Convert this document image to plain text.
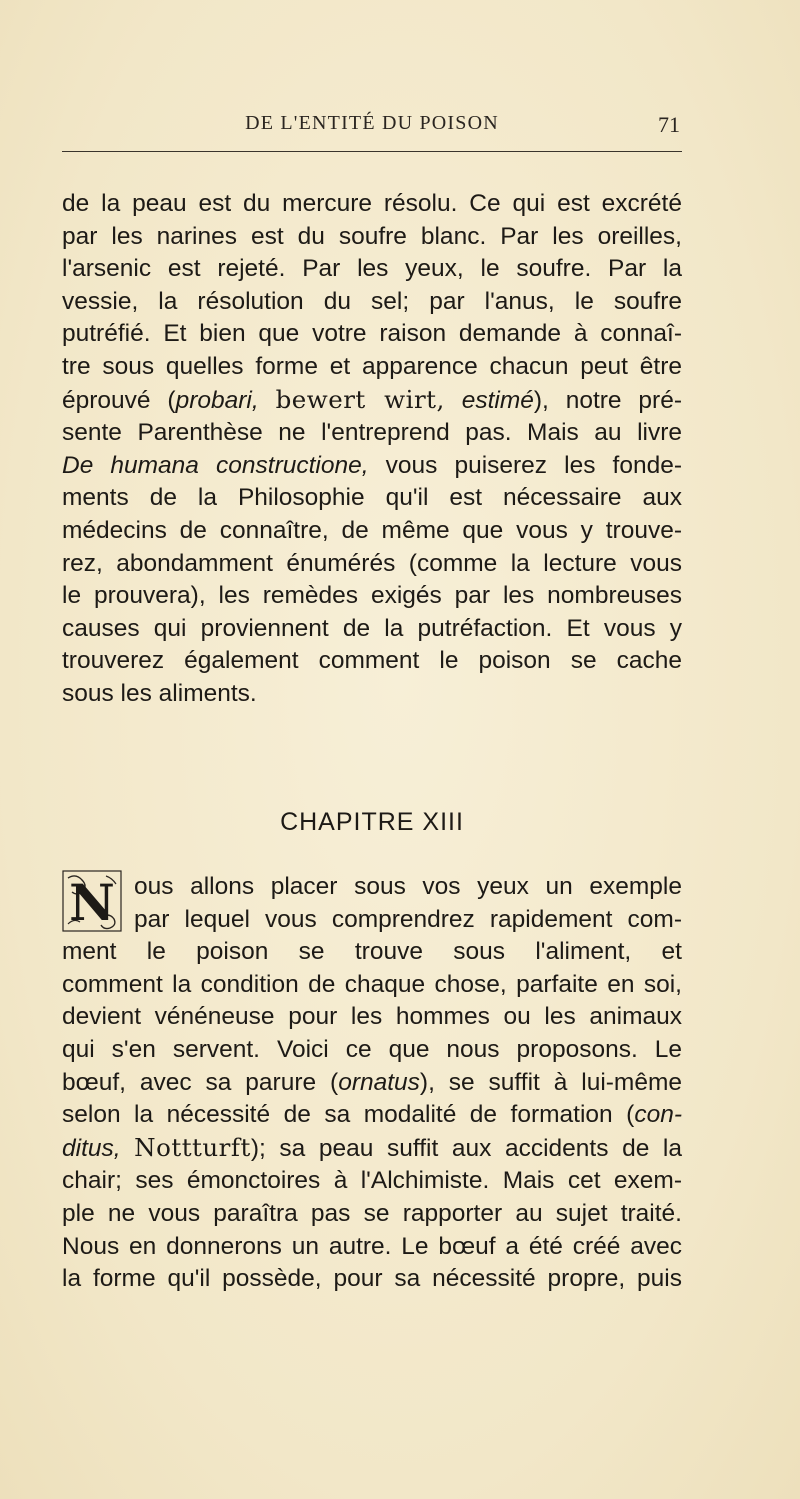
DE L'ENTITÉ DU POISON	71
de la peau est du mercure résolu. Ce qui est excrété
par les narines est du soufre blanc. Par les oreilles,
l'arsenic est rejeté. Par les yeux, le soufre. Par la
vessie, la résolution du sel; par l'anus, le soufre
putréfié. Et bien que votre raison demande à connaî-
tre sous quelles forme et apparence chacun peut être
éprouvé (probari, bewert wirt, estimé), notre pré-
sente Parenthèse ne l'entreprend pas. Mais au livre
De humana constructione, vous puiserez les fonde-
ments de la Philosophie qu'il est nécessaire aux
médecins de connaître, de même que vous y trouve-
rez, abondamment énumérés (comme la lecture vous
le prouvera), les remèdes exigés par les nombreuses
causes qui proviennent de la putréfaction. Et vous y
trouverez également comment le poison se cache
sous les aliments.
CHAPITRE XIII
N ous allons placer sous vos yeux un exemple
par lequel vous comprendrez rapidement com-
ment le poison se trouve sous l'aliment, et
comment la condition de chaque chose, parfaite en soi,
devient vénéneuse pour les hommes ou les animaux
qui s'en servent. Voici ce que nous proposons. Le
bœuf, avec sa parure (ornatus), se suffit à lui-même
selon la nécessité de sa modalité de formation (con-
ditus, Nottturft); sa peau suffit aux accidents de la
chair; ses émonctoires à l'Alchimiste. Mais cet exem-
ple ne vous paraîtra pas se rapporter au sujet traité.
Nous en donnerons un autre. Le bœuf a été créé avec
la forme qu'il possède, pour sa nécessité propre, puis
